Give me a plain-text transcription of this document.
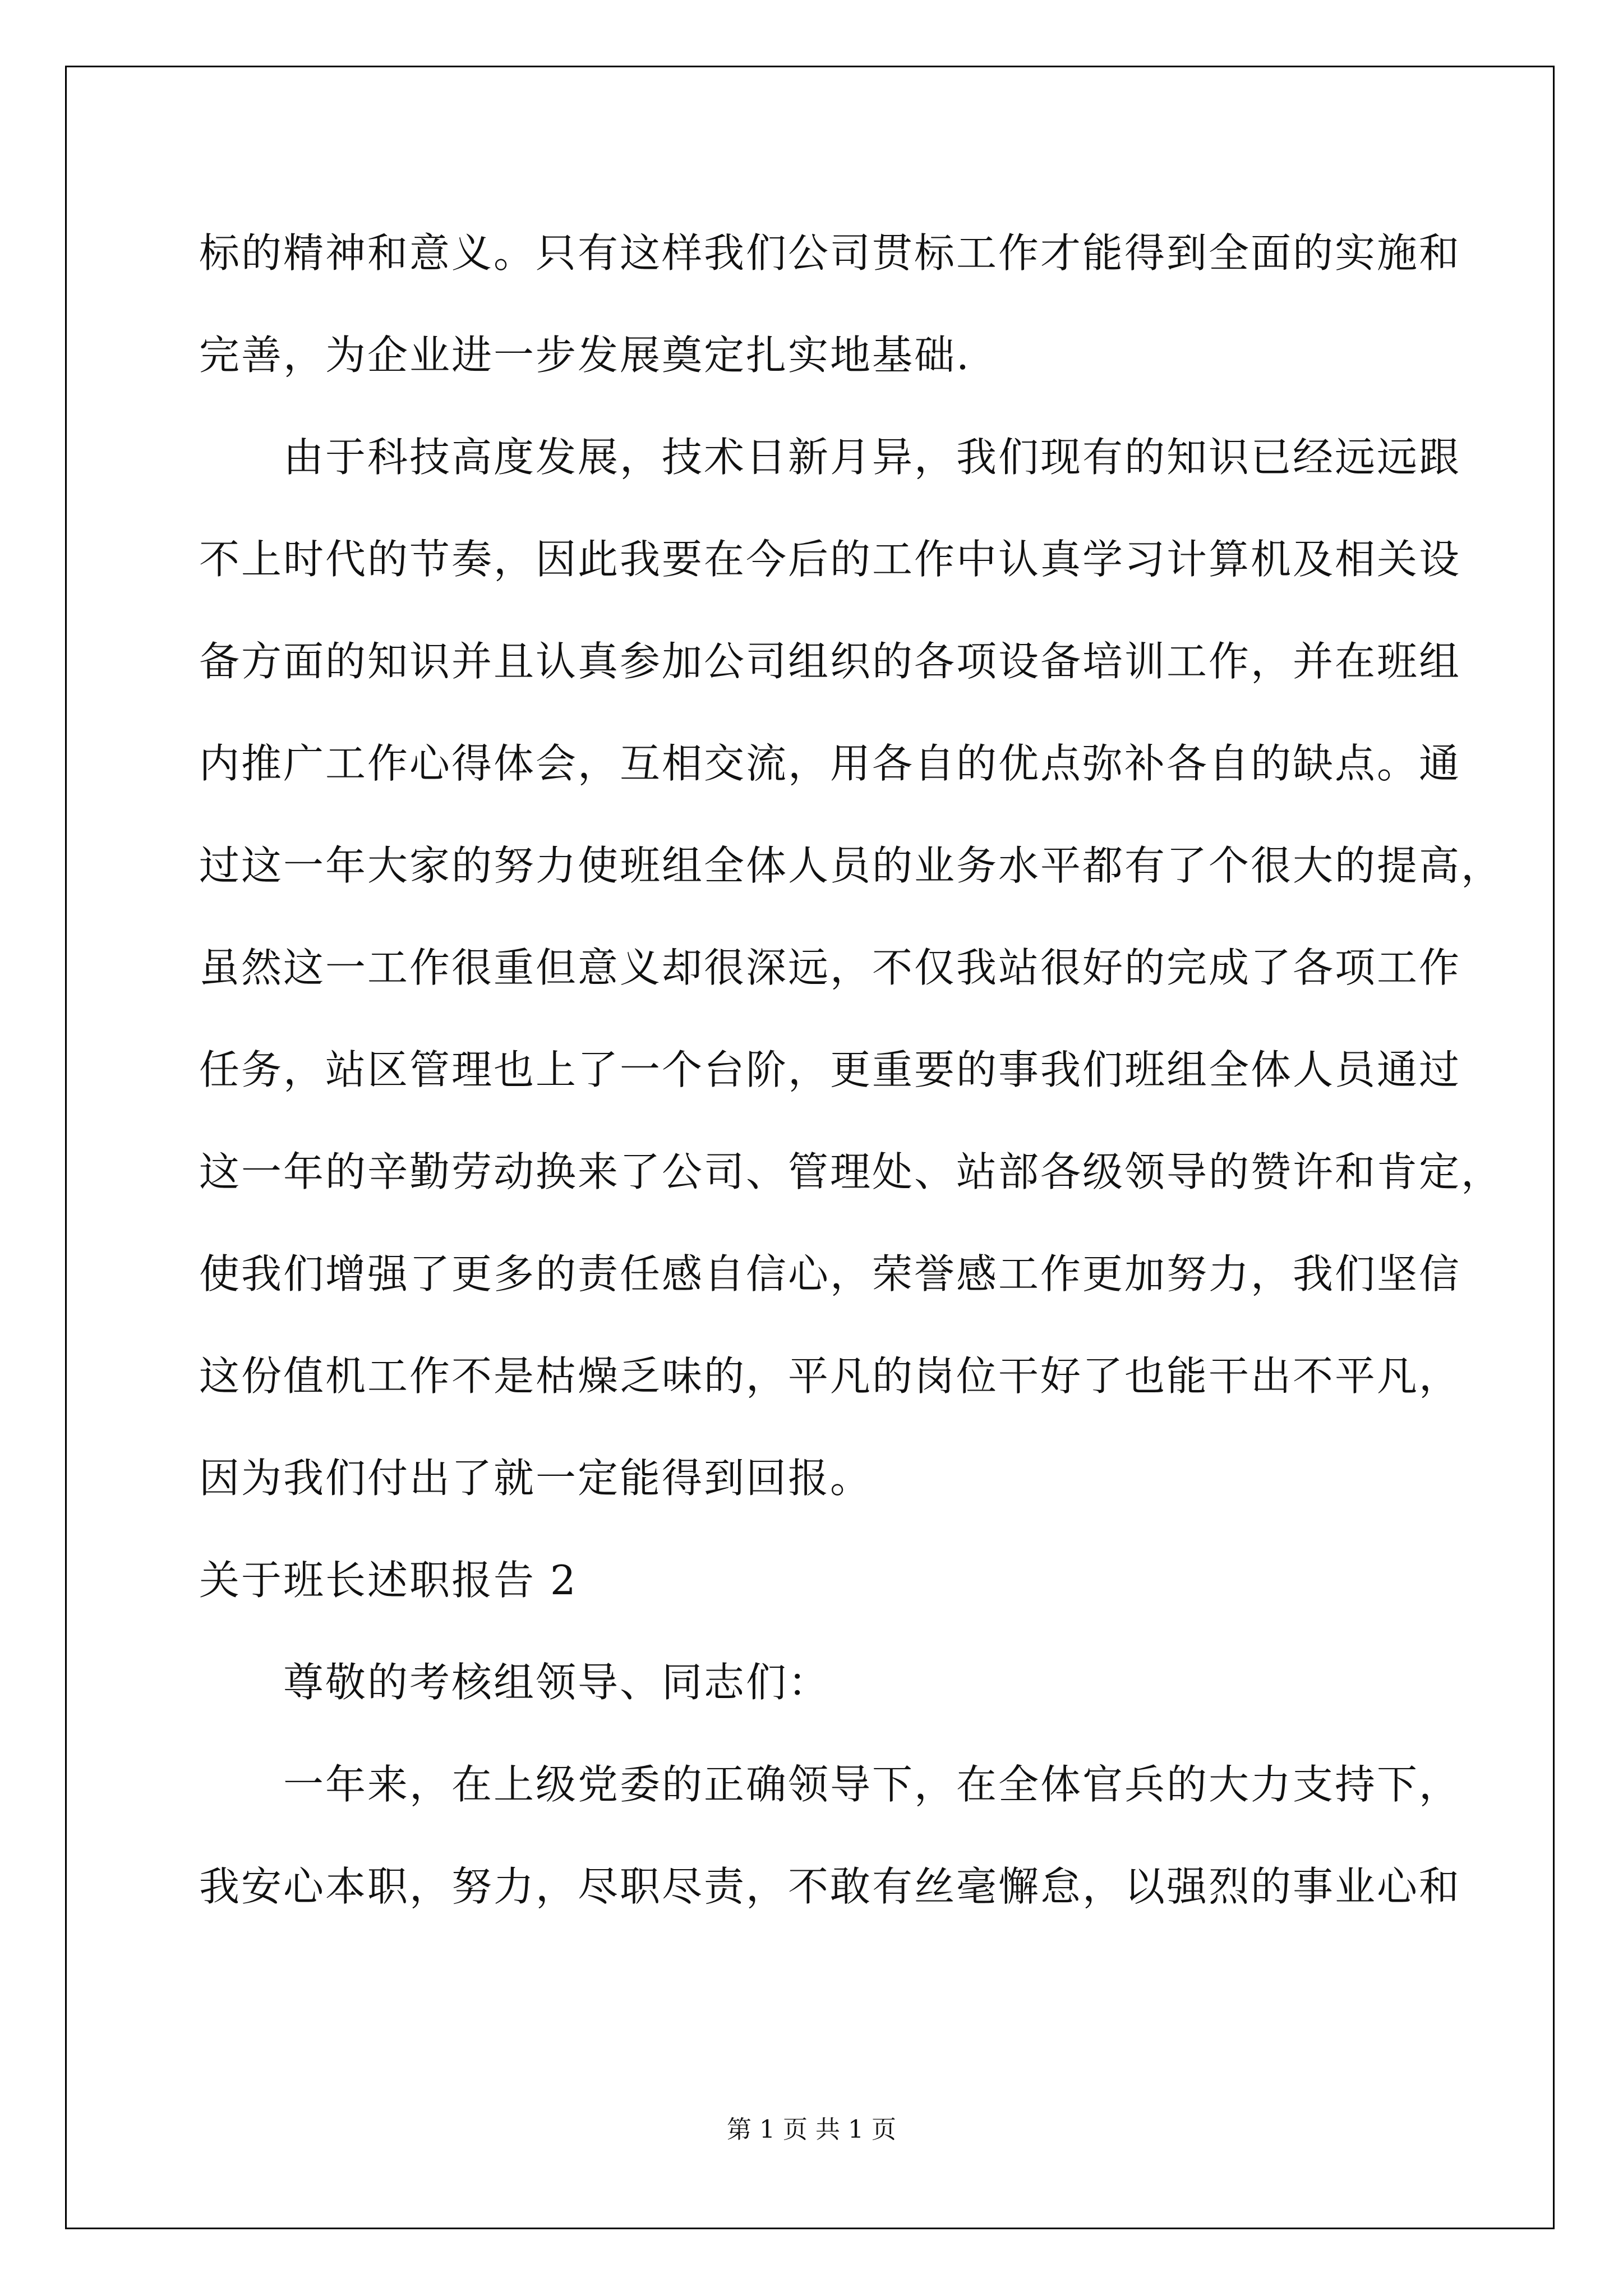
标的精神和意义。只有这样我们公司贯标工作才能得到全面的实施和
完善，为企业进一步发展奠定扎实地基础.
由于科技高度发展，技术日新月异，我们现有的知识已经远远跟
不上时代的节奏，因此我要在今后的工作中认真学习计算机及相关设
备方面的知识并且认真参加公司组织的各项设备培训工作，并在班组
内推广工作心得体会，互相交流，用各自的优点弥补各自的缺点。通
过这一年大家的努力使班组全体人员的业务水平都有了个很大的提高，
虽然这一工作很重但意义却很深远，不仅我站很好的完成了各项工作
任务，站区管理也上了一个台阶，更重要的事我们班组全体人员通过
这一年的辛勤劳动换来了公司、管理处、站部各级领导的赞许和肯定，
使我们增强了更多的责任感自信心，荣誉感工作更加努力，我们坚信
这份值机工作不是枯燥乏味的，平凡的岗位干好了也能干出不平凡，
因为我们付出了就一定能得到回报。
关于班长述职报告 2
尊敬的考核组领导、同志们：
一年来，在上级党委的正确领导下，在全体官兵的大力支持下，
我安心本职，努力，尽职尽责，不敢有丝毫懈怠，以强烈的事业心和
第 1 页 共 1 页
